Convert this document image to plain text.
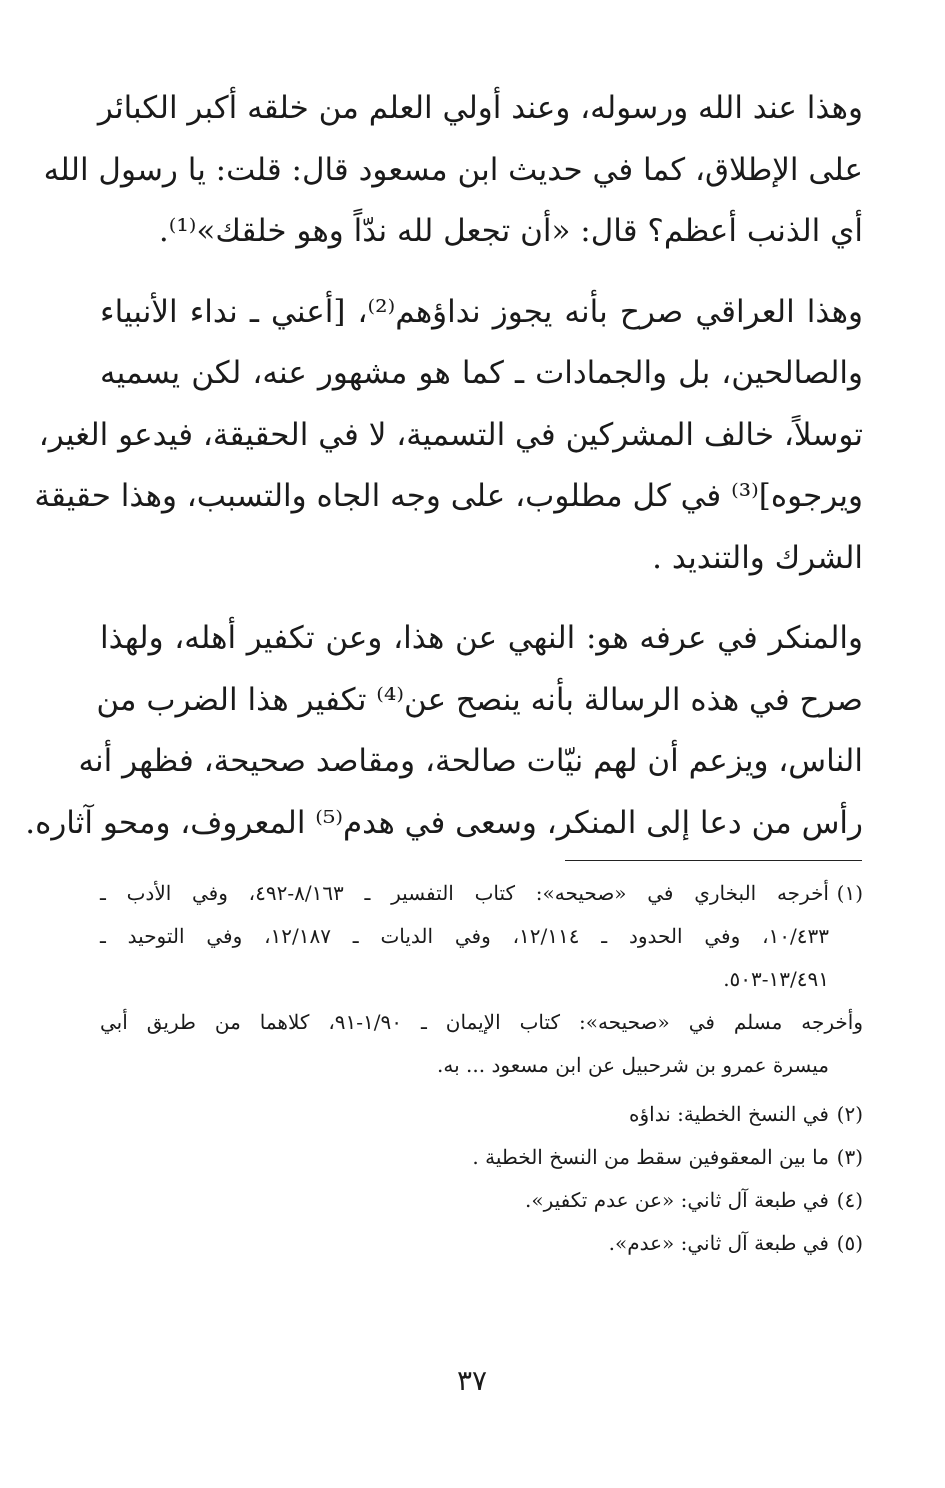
وهذا عند الله ورسوله، وعند أولي العلم من خلقه أكبر الكبائر
على الإطلاق، كما في حديث ابن مسعود قال: قلت: يا رسول الله
أي الذنب أعظم؟ قال: «أن تجعل لله ندّاً وهو خلقك»⁽¹⁾.
وهذا العراقي صرح بأنه يجوز نداؤهم⁽²⁾، [أعني ـ نداء الأنبياء
والصالحين، بل والجمادات ـ كما هو مشهور عنه، لكن يسميه
توسلاً، خالف المشركين في التسمية، لا في الحقيقة، فيدعو الغير،
ويرجوه]⁽³⁾ في كل مطلوب، على وجه الجاه والتسبب، وهذا حقيقة
الشرك والتنديد .
والمنكر في عرفه هو: النهي عن هذا، وعن تكفير أهله، ولهذا
صرح في هذه الرسالة بأنه ينصح عن⁽⁴⁾ تكفير هذا الضرب من
الناس، ويزعم أن لهم نيّات صالحة، ومقاصد صحيحة، فظهر أنه
رأس من دعا إلى المنكر، وسعى في هدم⁽⁵⁾ المعروف، ومحو آثاره.
(١)أخرجه البخاري في «صحيحه»: كتاب التفسير ـ ٨/١٦٣-٤٩٢، وفي الأدب ـ
١٠/٤٣٣، وفي الحدود ـ ١٢/١١٤، وفي الديات ـ ١٢/١٨٧، وفي التوحيد ـ
١٣/٤٩١-٥٠٣.
وأخرجه مسلم في «صحيحه»: كتاب الإيمان ـ ١/٩٠-٩١، كلاهما من طريق أبي
ميسرة عمرو بن شرحبيل عن ابن مسعود ... به.
(٢)في النسخ الخطية: نداؤه
(٣)ما بين المعقوفين سقط من النسخ الخطية .
(٤)في طبعة آل ثاني: «عن عدم تكفير».
(٥)في طبعة آل ثاني: «عدم».
٣٧
